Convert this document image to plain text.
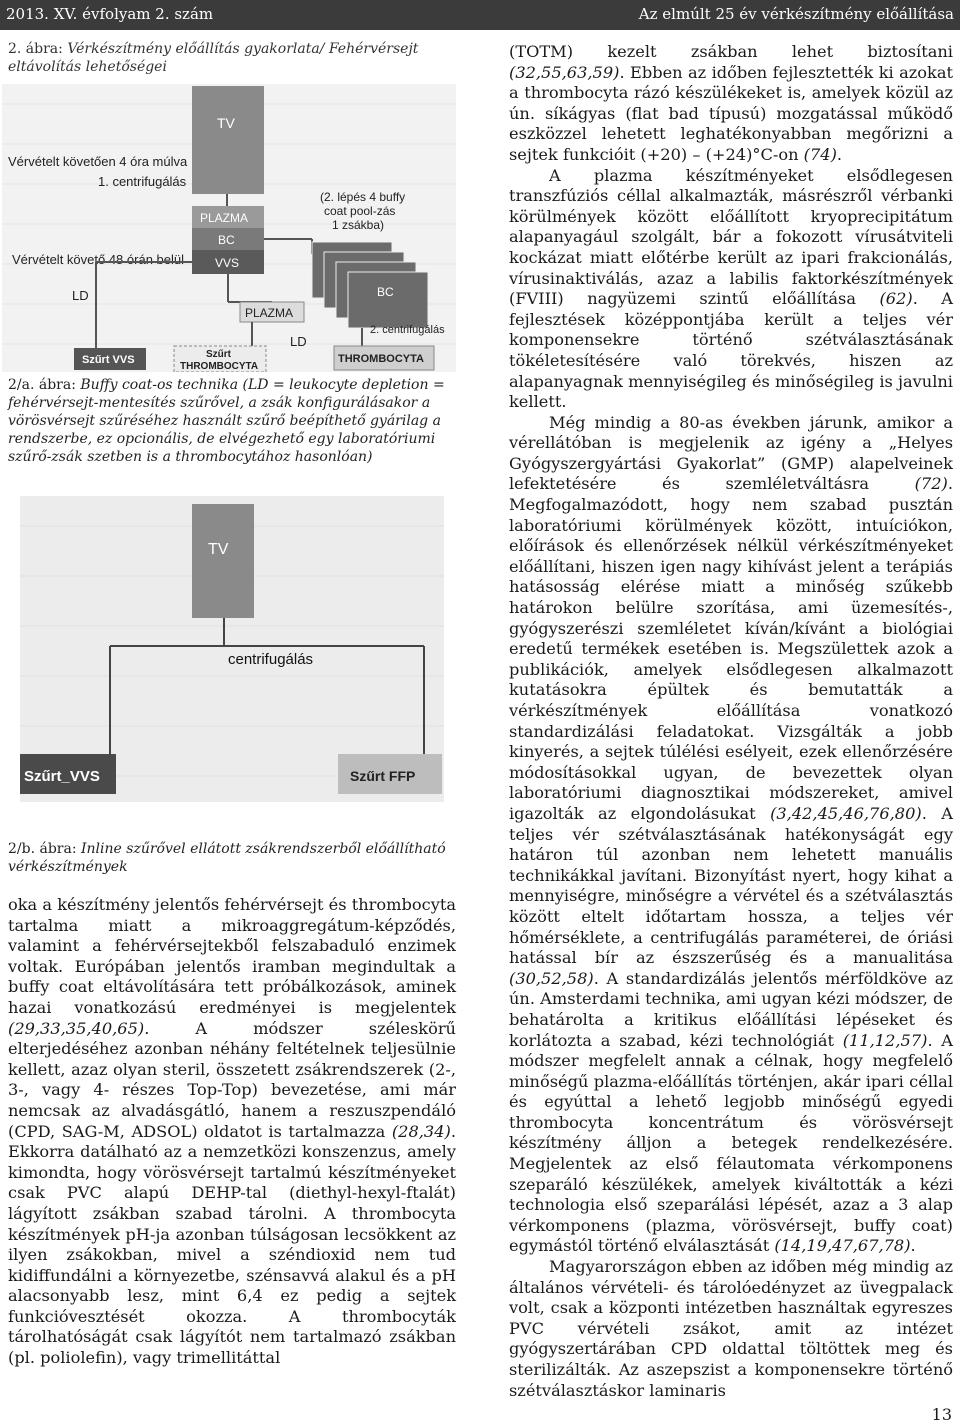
2013. XV. évfolyam 2. szám	Az elmúlt 25 év vérkészítmény előállítása
2. ábra: Vérkészítmény előállítás gyakorlata/ Fehérvérsejt eltávolítás lehetőségei
TV
Vérvételt követően 4 óra múlva
1. centrifugálás
PLAZMA
BC
VVS
Vérvételt követő 48 órán belül
LD
(2. lépés 4 buffy
coat pool-zás
1 zsákba)
BC
PLAZMA
2. centrifugálás
LD
Szűrt VVS	Szűrt
THROMBOCYTA
THROMBOCYTA
2/a. ábra: Buffy coat-os technika (LD = leukocyte depletion = fehérvérsejt-mentesítés szűrővel, a zsák konfigurálásakor a vörösvérsejt szűréséhez használt szűrő beépíthető gyárilag a rendszerbe, ez opcionális, de elvégezhető egy laboratóriumi szűrő-zsák szetben is a thrombocytához hasonlóan)
TV
centrifugálás
Szűrt_VVS	Szűrt FFP
2/b. ábra: Inline szűrővel ellátott zsákrendszerből előállítható vérkészítmények

oka a készítmény jelentős fehérvérsejt és thrombocyta tartalma miatt a mikroaggregátum-képződés, valamint a fehérvérsejtekből felszabaduló enzimek voltak. Európában jelentős iramban megindultak a buffy coat eltávolítására tett próbálkozások, aminek hazai vonatkozású eredményei is megjelentek (29,33,35,40,65). A módszer széleskörű elterjedéséhez azonban néhány feltételnek teljesülnie kellett, azaz olyan steril, összetett zsákrendszerek (2-, 3-, vagy 4- részes Top-Top) bevezetése, ami már nemcsak az alvadásgátló, hanem a reszuszpendáló (CPD, SAG-M, ADSOL) oldatot is tartalmazza (28,34). Ekkorra datálható az a nemzetközi konszenzus, amely kimondta, hogy vörösvérsejt tartalmú készítményeket csak PVC alapú DEHP-tal (diethyl-hexyl-ftalát) lágyított zsákban szabad tárolni. A thrombocyta készítmények pH-ja azonban túlságosan lecsökkent az ilyen zsákokban, mivel a széndioxid nem tud kidiffundálni a környezetbe, szénsavvá alakul és a pH alacsonyabb lesz, mint 6,4 ez pedig a sejtek funkcióvesztését okozza. A thrombocyták tárolhatóságát csak lágyítót nem tartalmazó zsákban (pl. poliolefin), vagy trimellitáttal

(TOTM) kezelt zsákban lehet biztosítani (32,55,63,59). Ebben az időben fejlesztették ki azokat a thrombocyta rázó készülékeket is, amelyek közül az ún. síkágyas (flat bad típusú) mozgatással működő eszközzel lehetett leghatékonyabban megőrizni a sejtek funkcióit (+20) – (+24)°C-on (74).

A plazma készítményeket elsődlegesen transzfúziós céllal alkalmazták, másrészről vérbanki körülmények között előállított kryoprecipitátum alapanyagául szolgált, bár a fokozott vírusátviteli kockázat miatt előtérbe került az ipari frakcionálás, vírusinaktiválás, azaz a labilis faktorkészítmények (FVIII) nagyüzemi szintű előállítása (62). A fejlesztések középpontjába került a teljes vér komponensekre történő szétválasztásának tökéletesítésére való törekvés, hiszen az alapanyagnak mennyiségileg és minőségileg is javulni kellett.

Még mindig a 80-as években járunk, amikor a vérellátóban is megjelenik az igény a „Helyes Gyógyszergyártási Gyakorlat” (GMP) alapelveinek lefektetésére és szemléletváltásra (72). Megfogalmazódott, hogy nem szabad pusztán laboratóriumi körülmények között, intuíciókon, előírások és ellenőrzések nélkül vérkészítményeket előállítani, hiszen igen nagy kihívást jelent a terápiás hatásosság elérése miatt a minőség szűkebb határokon belülre szorítása, ami üzemesítés-, gyógyszerészi szemléletet kíván/kívánt a biológiai eredetű termékek esetében is. Megszülettek azok a publikációk, amelyek elsődlegesen alkalmazott kutatásokra épültek és bemutatták a vérkészítmények előállítása vonatkozó standardizálási feladatokat. Vizsgálták a jobb kinyerés, a sejtek túlélési esélyeit, ezek ellenőrzésére módosításokkal ugyan, de bevezettek olyan laboratóriumi diagnosztikai módszereket, amivel igazolták az elgondolásukat (3,42,45,46,76,80). A teljes vér szétválasztásának hatékonyságát egy határon túl azonban nem lehetett manuális technikákkal javítani. Bizonyítást nyert, hogy kihat a mennyiségre, minőségre a vérvétel és a szétválasztás között eltelt időtartam hossza, a teljes vér hőmérséklete, a centrifugálás paraméterei, de óriási hatással bír az észszerűség és a manualitása (30,52,58). A standardizálás jelentős mérföldköve az ún. Amsterdami technika, ami ugyan kézi módszer, de behatárolta a kritikus előállítási lépéseket és korlátozta a szabad, kézi technológiát (11,12,57). A módszer megfelelt annak a célnak, hogy megfelelő minőségű plazma-előállítás történjen, akár ipari céllal és egyúttal a lehető legjobb minőségű egyedi thrombocyta koncentrátum és vörösvérsejt készítmény álljon a betegek rendelkezésére. Megjelentek az első félautomata vérkomponens szeparáló készülékek, amelyek kiváltották a kézi technologia első szeparálási lépését, azaz a 3 alap vérkomponens (plazma, vörösvérsejt, buffy coat) egymástól történő elválasztását (14,19,47,67,78).

Magyarországon ebben az időben még mindig az általános vérvételi- és tárolóedényzet az üvegpalack volt, csak a központi intézetben használtak egyreszes PVC vérvételi zsákot, amit az intézet gyógyszertárában CPD oldattal töltöttek meg és sterilizálták. Az aszepszist a komponensekre történő szétválasztáskor laminaris

13
